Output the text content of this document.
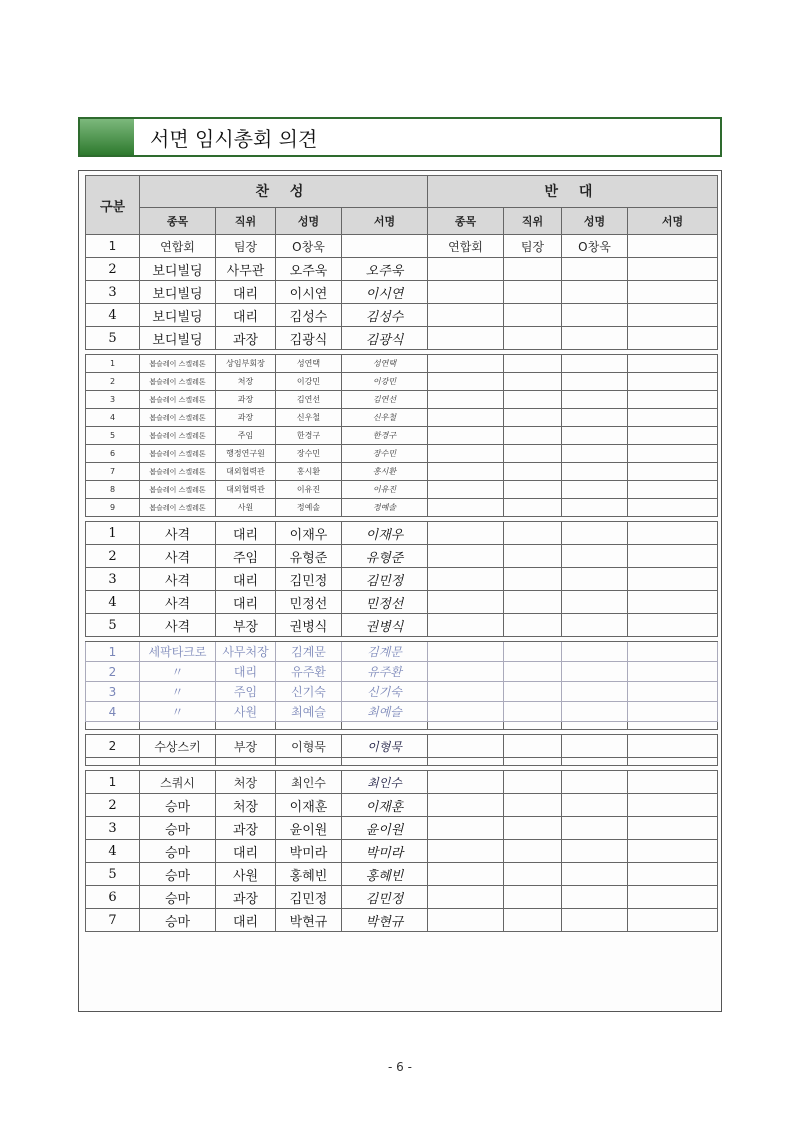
서면 임시총회 의견
구분	찬 성				반 대			
	종목	직위	성명	서명	종목	직위	성명	서명
1	연합회	팀장	O창욱		연합회	팀장	O창욱	
2	보디빌딩	사무관	오주욱	오주욱				
3	보디빌딩	대리	이시연	이시연				
4	보디빌딩	대리	김성수	김성수				
5	보디빌딩	과장	김광식	김광식				

1	봅슬레이 스켈레톤	상임부회장	성연택	성연택				
2	봅슬레이 스켈레톤	처장	이강민	이강민				
3	봅슬레이 스켈레톤	과장	김연선	김연선				
4	봅슬레이 스켈레톤	과장	신우철	신우철				
5	봅슬레이 스켈레톤	주임	한경구	한경구				
6	봅슬레이 스켈레톤	행정연구원	장수민	장수민				
7	봅슬레이 스켈레톤	대외협력관	홍시환	홍시환				
8	봅슬레이 스켈레톤	대외협력관	이유진	이유진				
9	봅슬레이 스켈레톤	사원	정예솔	정예솔				

1	사격	대리	이재우	이재우				
2	사격	주임	유형준	유형준				
3	사격	대리	김민정	김민정				
4	사격	대리	민정선	민정선				
5	사격	부장	권병식	권병식				

1	세팍타크로	사무처장	김계문	김계문				
2	〃	대리	유주환	유주환				
3	〃	주임	신기숙	신기숙				
4	〃	사원	최예슬	최예슬				

2	수상스키	부장	이형묵	이형묵				

1	스쿼시	처장	최인수	최인수				
2	승마	처장	이재훈	이재훈				
3	승마	과장	윤이원	윤이원				
4	승마	대리	박미라	박미라				
5	승마	사원	홍혜빈	홍혜빈				
6	승마	과장	김민정	김민정				
7	승마	대리	박현규	박현규				
- 6 -
